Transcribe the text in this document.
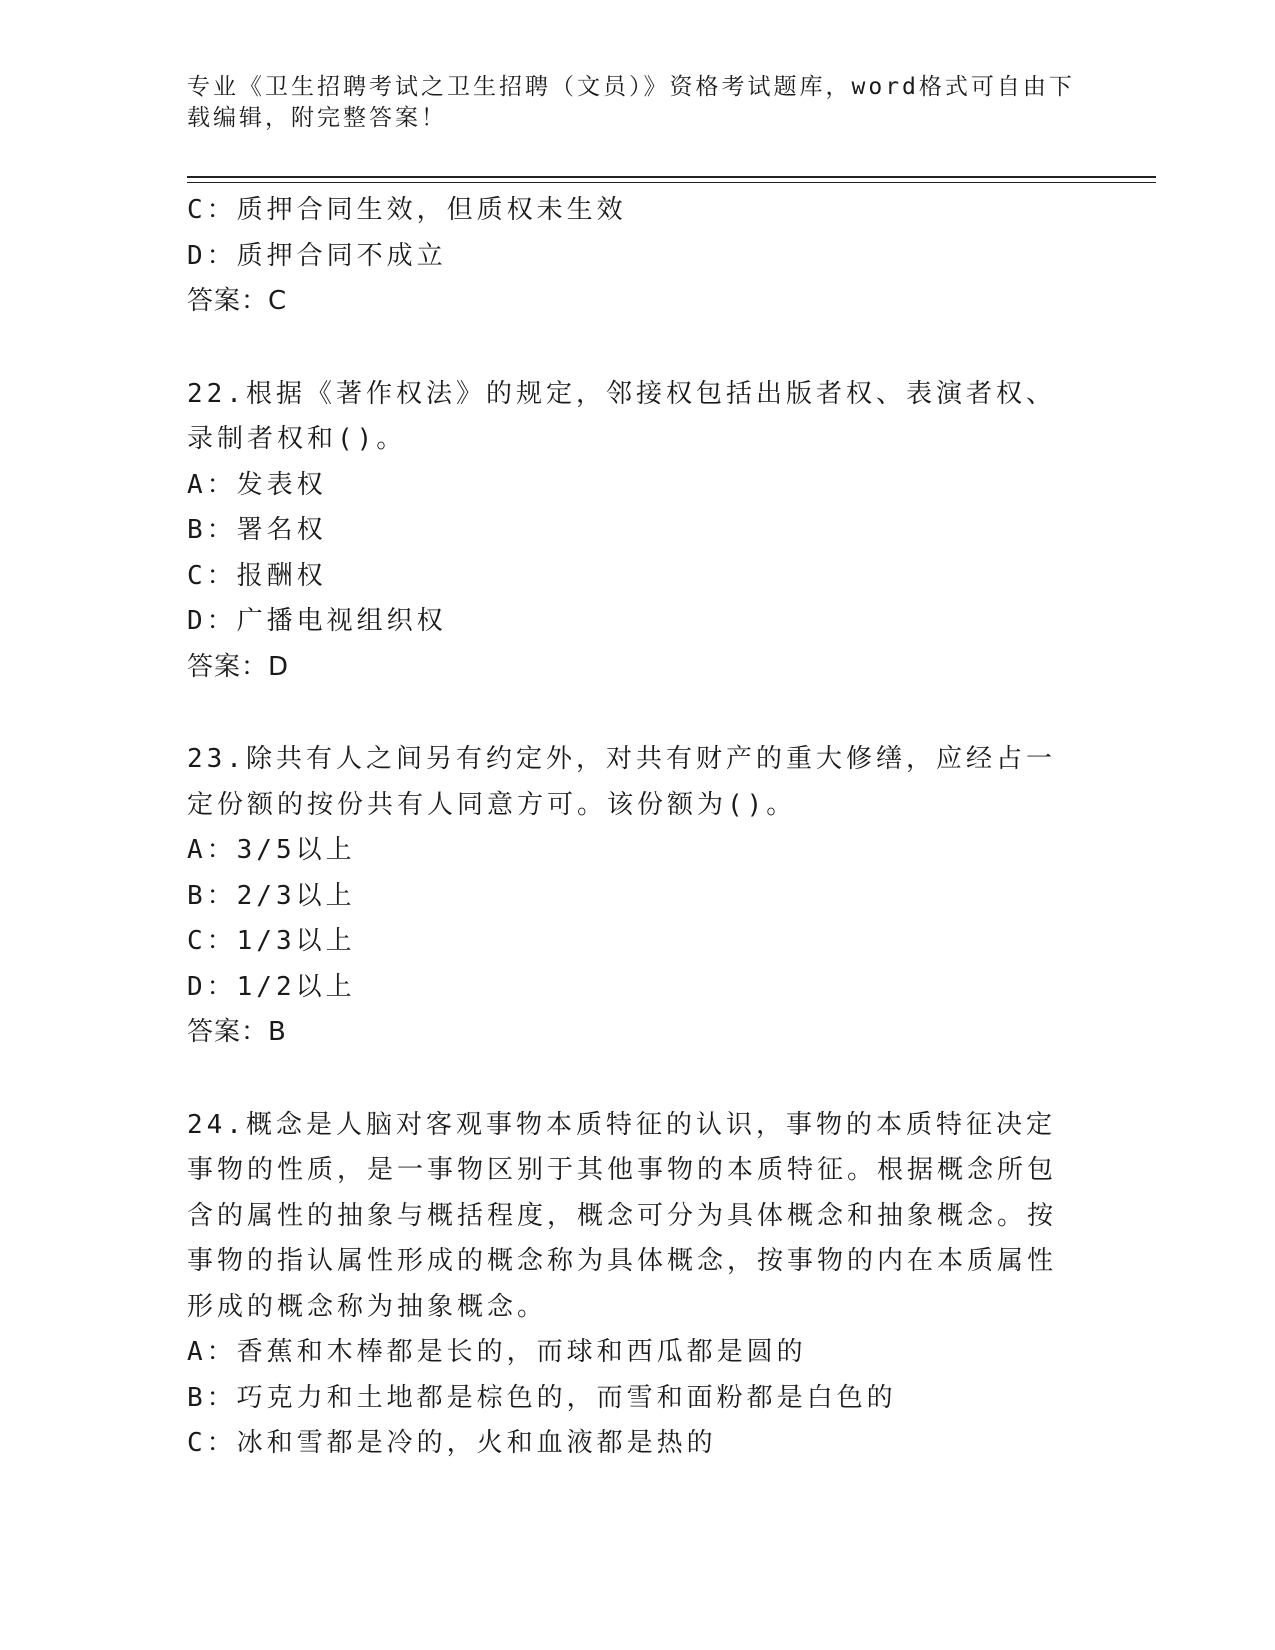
专业《卫生招聘考试之卫生招聘（文员）》资格考试题库，word格式可自由下载编辑，附完整答案！
C：质押合同生效，但质权未生效
D：质押合同不成立
答案：C
22.根据《著作权法》的规定，邻接权包括出版者权、表演者权、录制者权和()。
A：发表权
B：署名权
C：报酬权
D：广播电视组织权
答案：D
23.除共有人之间另有约定外，对共有财产的重大修缮，应经占一定份额的按份共有人同意方可。该份额为()。
A：3/5以上
B：2/3以上
C：1/3以上
D：1/2以上
答案：B
24.概念是人脑对客观事物本质特征的认识，事物的本质特征决定事物的性质，是一事物区别于其他事物的本质特征。根据概念所包含的属性的抽象与概括程度，概念可分为具体概念和抽象概念。按事物的指认属性形成的概念称为具体概念，按事物的内在本质属性形成的概念称为抽象概念。
A：香蕉和木棒都是长的，而球和西瓜都是圆的
B：巧克力和土地都是棕色的，而雪和面粉都是白色的
C：冰和雪都是冷的，火和血液都是热的
